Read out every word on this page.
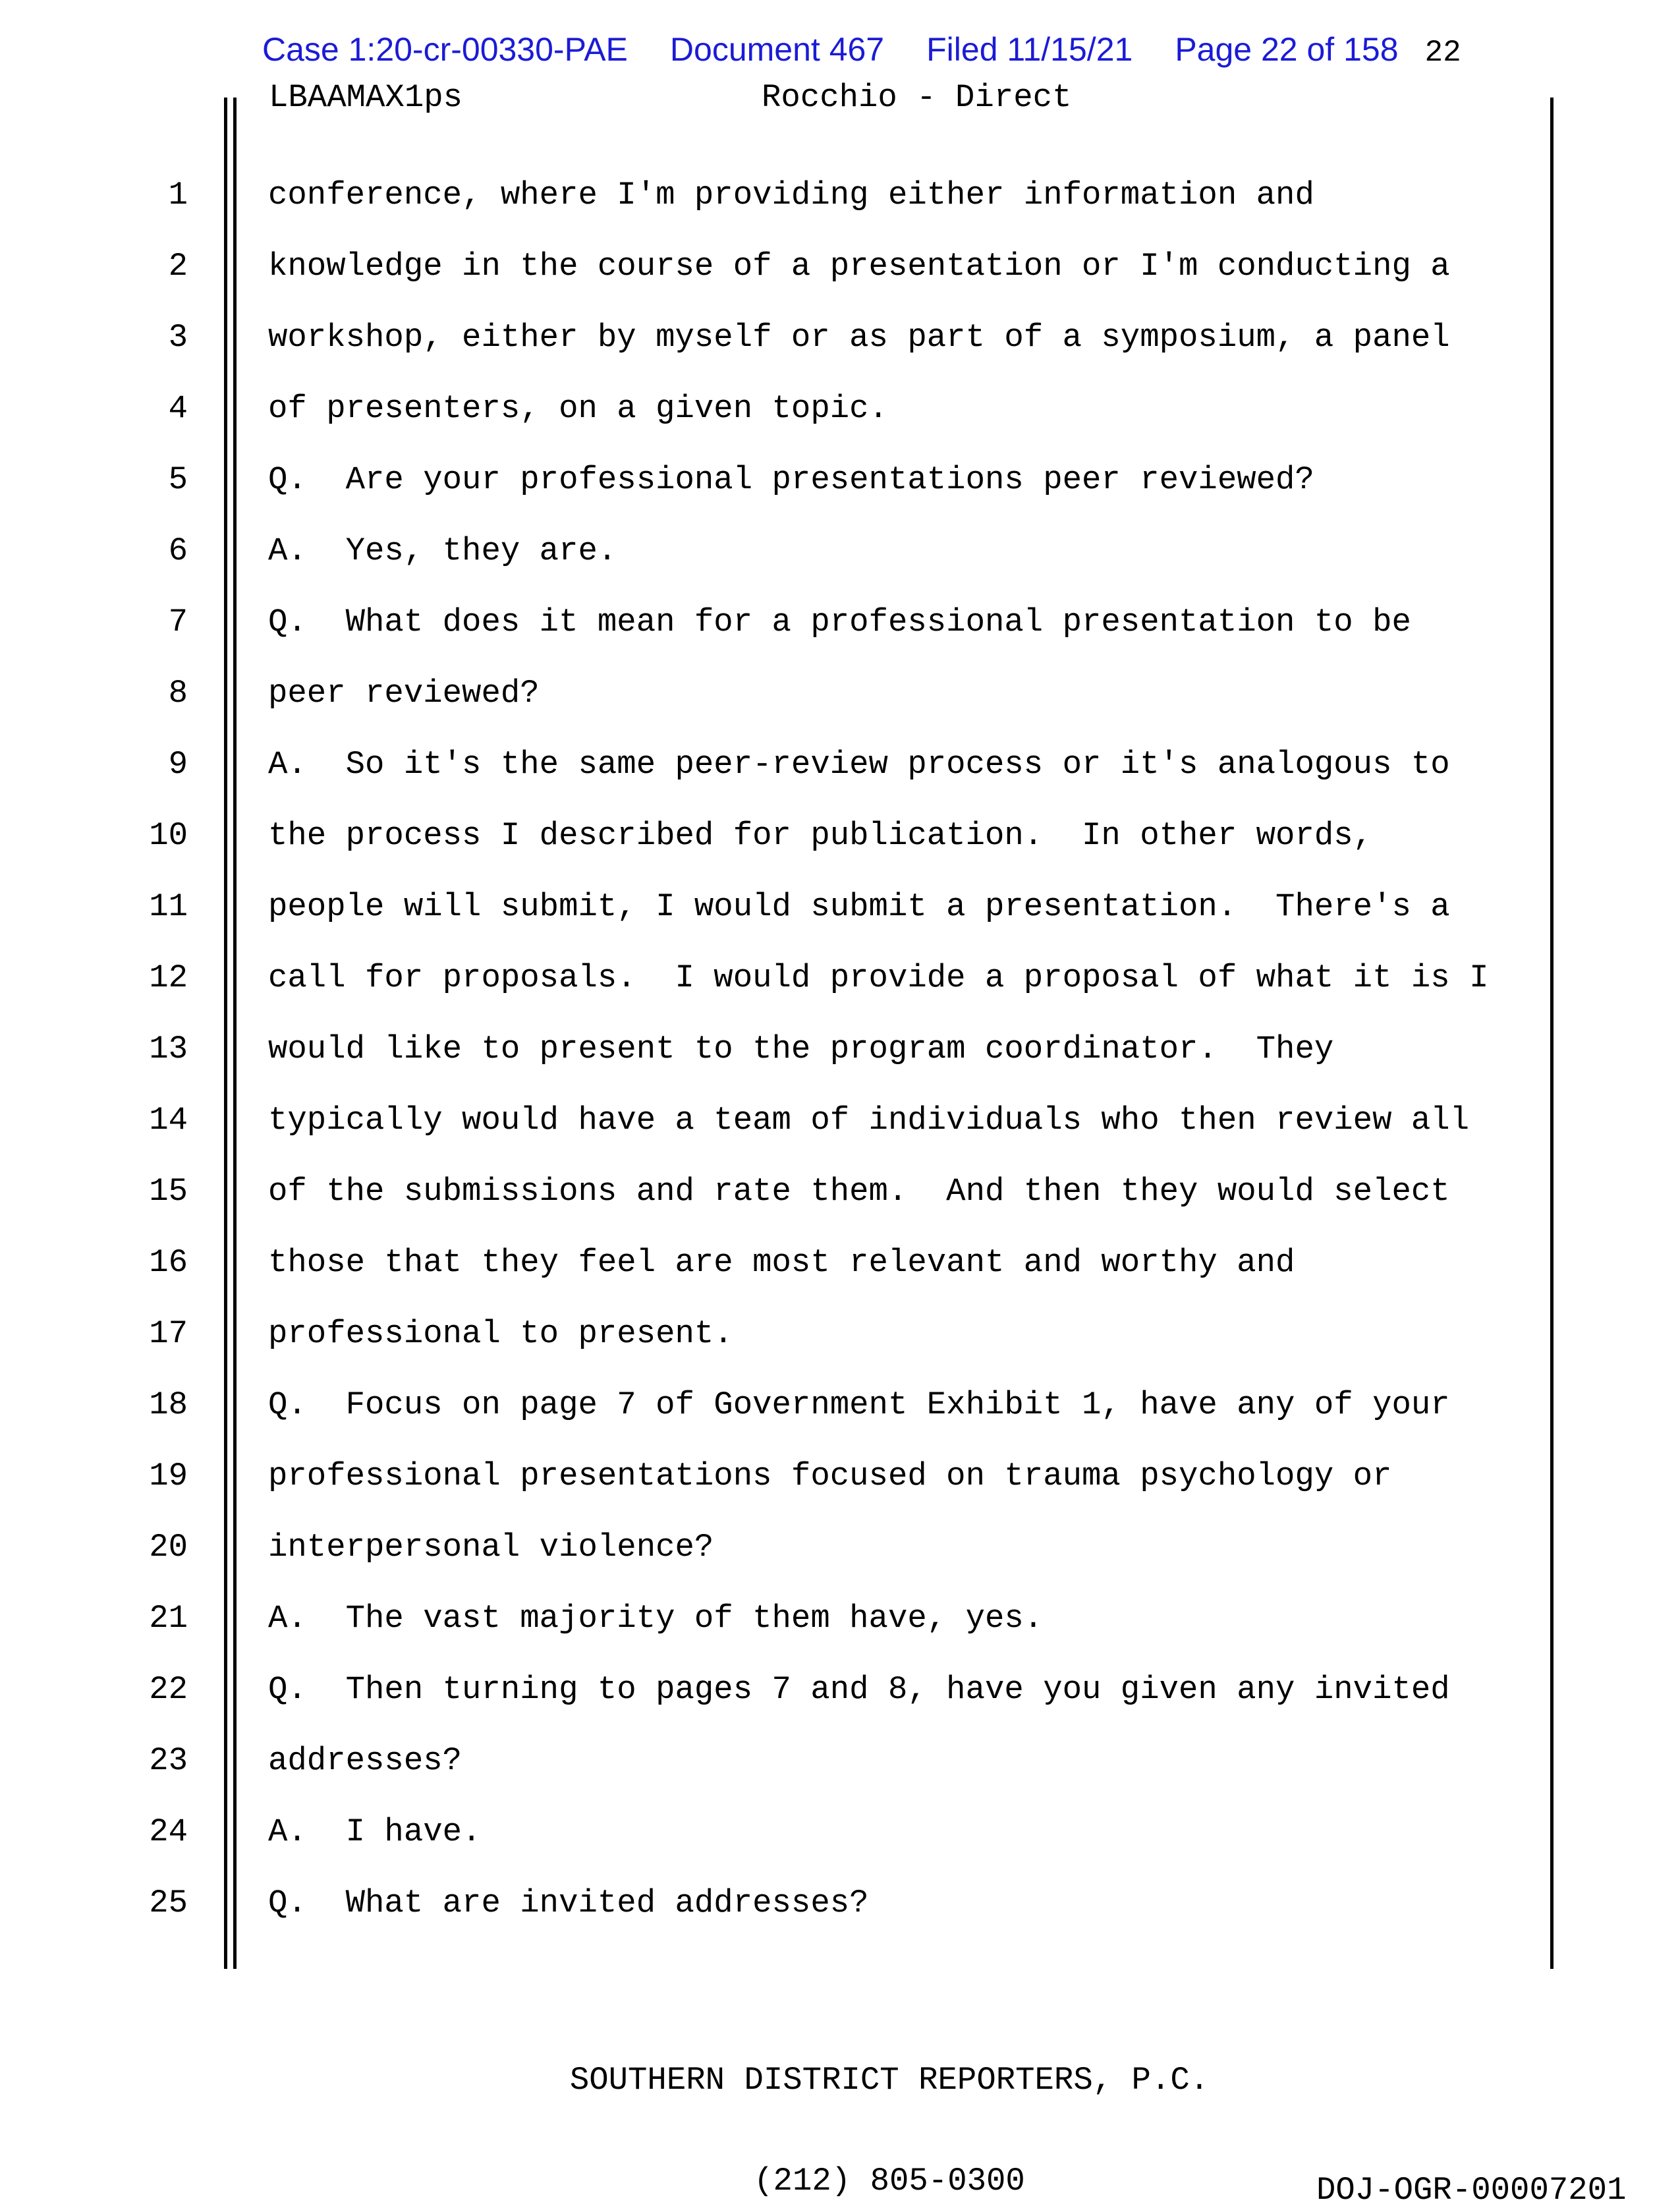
Case 1:20-cr-00330-PAE Document 467 Filed 11/15/21 Page 22 of 158 22
LBAAMAX1ps	Rocchio - Direct
1 conference, where I'm providing either information and
2 knowledge in the course of a presentation or I'm conducting a
3 workshop, either by myself or as part of a symposium, a panel
4 of presenters, on a given topic.
5 Q.  Are your professional presentations peer reviewed?
6 A.  Yes, they are.
7 Q.  What does it mean for a professional presentation to be
8 peer reviewed?
9 A.  So it's the same peer-review process or it's analogous to
10 the process I described for publication.  In other words,
11 people will submit, I would submit a presentation.  There's a
12 call for proposals.  I would provide a proposal of what it is I
13 would like to present to the program coordinator.  They
14 typically would have a team of individuals who then review all
15 of the submissions and rate them.  And then they would select
16 those that they feel are most relevant and worthy and
17 professional to present.
18 Q.  Focus on page 7 of Government Exhibit 1, have any of your
19 professional presentations focused on trauma psychology or
20 interpersonal violence?
21 A.  The vast majority of them have, yes.
22 Q.  Then turning to pages 7 and 8, have you given any invited
23 addresses?
24 A.  I have.
25 Q.  What are invited addresses?

SOUTHERN DISTRICT REPORTERS, P.C.

(212) 805-0300

	DOJ-OGR-00007201
